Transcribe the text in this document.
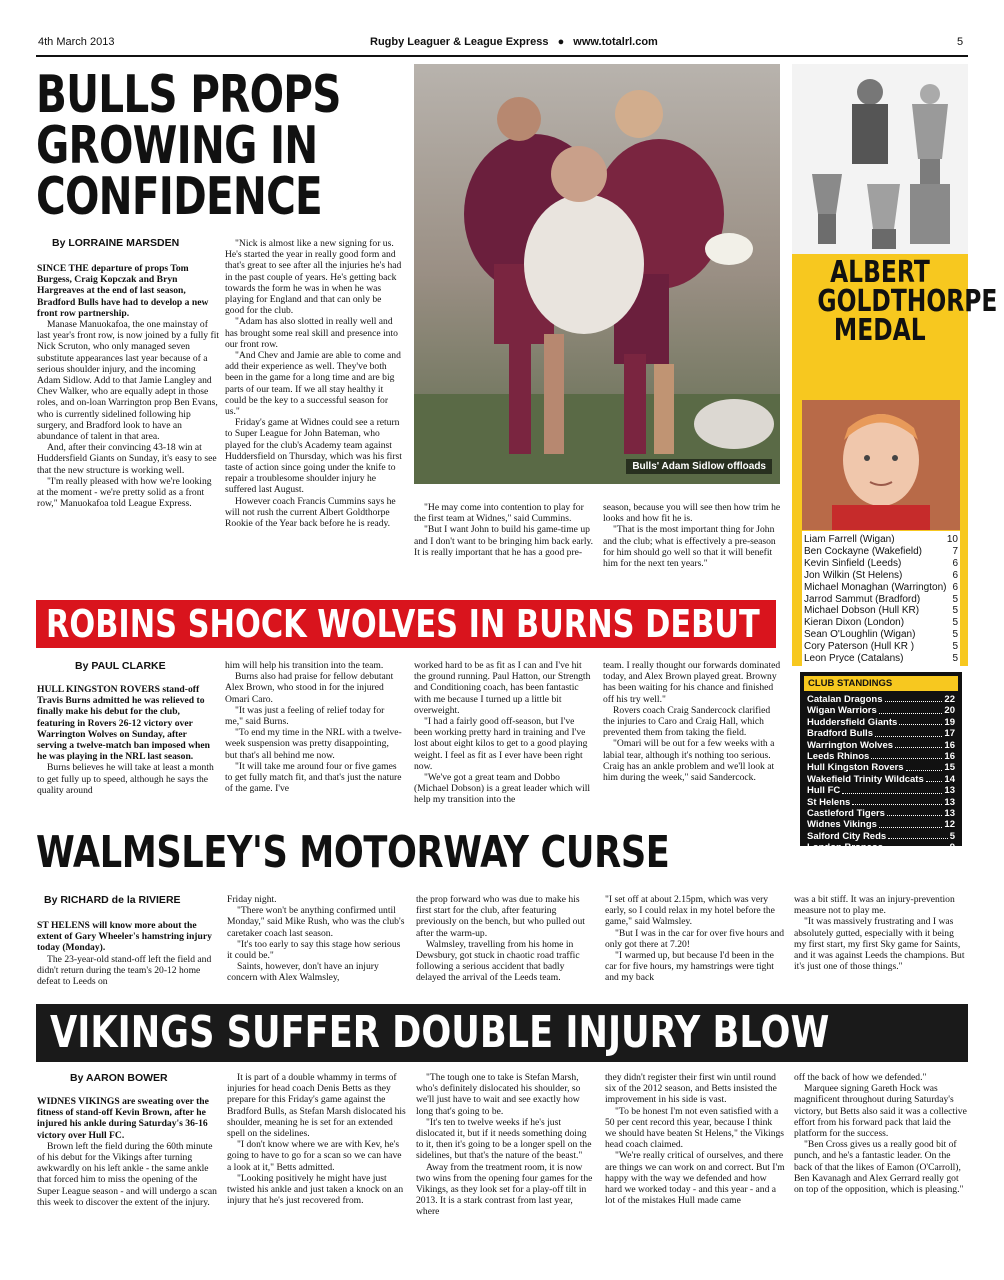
4th March 2013	Rugby Leaguer & League Express ● www.totalrl.com	5
BULLS PROPS
GROWING IN
CONFIDENCE
By LORRAINE MARSDEN

SINCE THE departure of props Tom Burgess, Craig Kopczak and Bryn Hargreaves at the end of last season, Bradford Bulls have had to develop a new front row partnership.

Manase Manuokafoa, the one mainstay of last year's front row, is now joined by a fully fit Nick Scruton, who only managed seven substitute appearances last year because of a serious shoulder injury, and the incoming Adam Sidlow. Add to that Jamie Langley and Chev Walker, who are equally adept in those roles, and on-loan Warrington prop Ben Evans, who is currently sidelined following hip surgery, and Bradford look to have an abundance of talent in that area.

And, after their convincing 43-18 win at Huddersfield Giants on Sunday, it's easy to see that the new structure is working well.

"I'm really pleased with how we're looking at the moment - we're pretty solid as a front row," Manuokafoa told League Express.

"Nick is almost like a new signing for us. He's started the year in really good form and that's great to see after all the injuries he's had in the past couple of years. He's getting back towards the form he was in when he was playing for England and that can only be good for the club.

"Adam has also slotted in really well and has brought some real skill and presence into our front row.

"And Chev and Jamie are able to come and add their experience as well. They've both been in the game for a long time and are big parts of our team. If we all stay healthy it could be the key to a successful season for us."

Friday's game at Widnes could see a return to Super League for John Bateman, who played for the club's Academy team against Huddersfield on Thursday, which was his first taste of action since going under the knife to repair a troublesome shoulder injury he suffered last August.

However coach Francis Cummins says he will not rush the current Albert Goldthorpe Rookie of the Year back before he is ready.

Bulls' Adam Sidlow offloads

"He may come into contention to play for the first team at Widnes," said Cummins.

"But I want John to build his game-time up and I don't want to be bringing him back early. It is really important that he has a good pre-

season, because you will see then how trim he looks and how fit he is.

"That is the most important thing for John and the club; what is effectively a pre-season for him should go well so that it will benefit him for the next ten years."

ALBERT
GOLDTHORPE
MEDAL
Liam Farrell (Wigan)	10
Ben Cockayne (Wakefield)	7
Kevin Sinfield (Leeds)	6
Jon Wilkin (St Helens)	6
Michael Monaghan (Warrington) 6
Jarrod Sammut (Bradford)	5
Michael Dobson (Hull KR)	5
Kieran Dixon (London)	5
Sean O'Loughlin (Wigan)	5
Cory Paterson (Hull KR )	5
Leon Pryce (Catalans)	5
CLUB STANDINGS
Catalan Dragons	22
Wigan Warriors	20
Huddersfield Giants	19
Bradford Bulls	17
Warrington Wolves	16
Leeds Rhinos	16
Hull Kingston Rovers	15
Wakefield Trinity Wildcats 14
Hull FC	13
St Helens	13
Castleford Tigers	13
Widnes Vikings	12
Salford City Reds	5
London Broncos	9
ROBINS SHOCK WOLVES IN BURNS DEBUT
By PAUL CLARKE

HULL KINGSTON ROVERS stand-off Travis Burns admitted he was relieved to finally make his debut for the club, featuring in Rovers 26-12 victory over Warrington Wolves on Sunday, after serving a twelve-match ban imposed when he was playing in the NRL last season.

Burns believes he will take at least a month to get fully up to speed, although he says the quality around

him will help his transition into the team.

Burns also had praise for fellow debutant Alex Brown, who stood in for the injured Omari Caro.

"It was just a feeling of relief today for me," said Burns.

"To end my time in the NRL with a twelve-week suspension was pretty disappointing, but that's all behind me now.

"It will take me around four or five games to get fully match fit, and that's just the nature of the game. I've

worked hard to be as fit as I can and I've hit the ground running. Paul Hatton, our Strength and Conditioning coach, has been fantastic with me because I turned up a little bit overweight.

"I had a fairly good off-season, but I've been working pretty hard in training and I've lost about eight kilos to get to a good playing weight. I feel as fit as I ever have been right now.

"We've got a great team and Dobbo (Michael Dobson) is a great leader which will help my transition into the

team. I really thought our forwards dominated today, and Alex Brown played great. Browny has been waiting for his chance and finished off his try well."

Rovers coach Craig Sandercock clarified the injuries to Caro and Craig Hall, which prevented them from taking the field.

"Omari will be out for a few weeks with a labial tear, although it's nothing too serious. Craig has an ankle problem and we'll look at him during the week," said Sandercock.

WALMSLEY'S MOTORWAY CURSE
By RICHARD de la RIVIERE

ST HELENS will know more about the extent of Gary Wheeler's hamstring injury today (Monday).

The 23-year-old stand-off left the field and didn't return during the team's 20-12 home defeat to Leeds on

Friday night.

"There won't be anything confirmed until Monday," said Mike Rush, who was the club's caretaker coach last season.

"It's too early to say this stage how serious it could be."

Saints, however, don't have an injury concern with Alex Walmsley,

the prop forward who was due to make his first start for the club, after featuring previously on the bench, but who pulled out after the warm-up.

Walmsley, travelling from his home in Dewsbury, got stuck in chaotic road traffic following a serious accident that badly delayed the arrival of the Leeds team.

"I set off at about 2.15pm, which was very early, so I could relax in my hotel before the game," said Walmsley.

"But I was in the car for over five hours and only got there at 7.20!

"I warmed up, but because I'd been in the car for five hours, my hamstrings were tight and my back

was a bit stiff. It was an injury-prevention measure not to play me.

"It was massively frustrating and I was absolutely gutted, especially with it being my first start, my first Sky game for Saints, and it was against Leeds the champions. But it's just one of those things."

VIKINGS SUFFER DOUBLE INJURY BLOW
By AARON BOWER

WIDNES VIKINGS are sweating over the fitness of stand-off Kevin Brown, after he injured his ankle during Saturday's 36-16 victory over Hull FC.

Brown left the field during the 60th minute of his debut for the Vikings after turning awkwardly on his left ankle - the same ankle that forced him to miss the opening of the Super League season - and will undergo a scan this week to discover the extent of the injury.

It is part of a double whammy in terms of injuries for head coach Denis Betts as they prepare for this Friday's game against the Bradford Bulls, as Stefan Marsh dislocated his shoulder, meaning he is set for an extended spell on the sidelines.

"I don't know where we are with Kev, he's going to have to go for a scan so we can have a look at it," Betts admitted.

"Looking positively he might have just twisted his ankle and just taken a knock on an injury that he's just recovered from.

"The tough one to take is Stefan Marsh, who's definitely dislocated his shoulder, so we'll just have to wait and see exactly how long that's going to be.

"It's ten to twelve weeks if he's just dislocated it, but if it needs something doing to it, then it's going to be a longer spell on the sidelines, but that's the nature of the beast."

Away from the treatment room, it is now two wins from the opening four games for the Vikings, as they look set for a play-off tilt in 2013. It is a stark contrast from last year, where

they didn't register their first win until round six of the 2012 season, and Betts insisted the improvement in his side is vast.

"To be honest I'm not even satisfied with a 50 per cent record this year, because I think we should have beaten St Helens," the Vikings head coach claimed.

"We're really critical of ourselves, and there are things we can work on and correct. But I'm happy with the way we defended and how hard we worked today - and this year - and a lot of the mistakes Hull made came

off the back of how we defended."

Marquee signing Gareth Hock was magnificent throughout during Saturday's victory, but Betts also said it was a collective effort from his forward pack that laid the platform for the success.

"Ben Cross gives us a really good bit of punch, and he's a fantastic leader. On the back of that the likes of Eamon (O'Carroll), Ben Kavanagh and Alex Gerrard really got on top of the opposition, which is pleasing."
